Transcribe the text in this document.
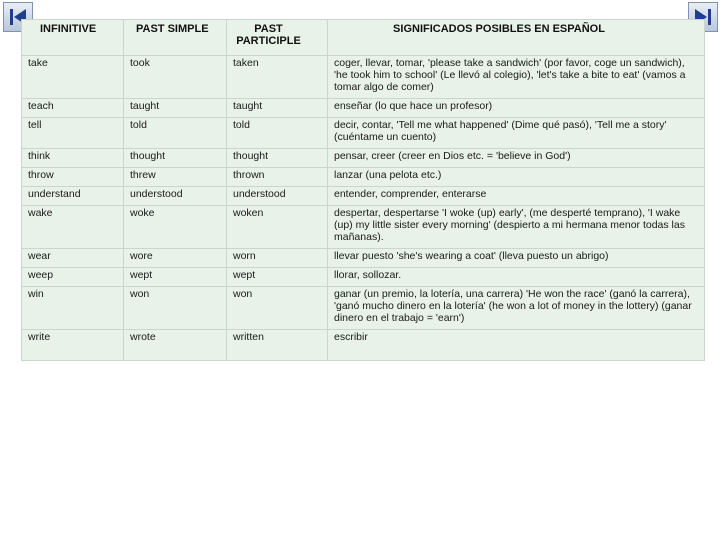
INFINITIVE	PAST SIMPLE	PAST PARTICIPLE	SIGNIFICADOS POSIBLES EN ESPAÑOL
take	took	taken	coger, llevar, tomar, 'please take a sandwich' (por favor, coge un sandwich), 'he took him to school' (Le llevó al colegio), 'let's take a bite to eat' (vamos a tomar algo de comer)
teach	taught	taught	enseñar (lo que hace un profesor)
tell	told	told	decir, contar, 'Tell me what happened' (Dime qué pasó), 'Tell me a story' (cuéntame un cuento)
think	thought	thought	pensar, creer (creer en Dios etc. = 'believe in God')
throw	threw	thrown	lanzar (una pelota etc.)
understand	understood	understood	entender, comprender, enterarse
wake	woke	woken	despertar, despertarse 'I woke (up) early', (me desperté temprano), 'I wake (up) my little sister every morning' (despierto a mi hermana menor todas las mañanas).
wear	wore	worn	llevar puesto 'she's wearing a coat' (lleva puesto un abrigo)
weep	wept	wept	llorar, sollozar.
win	won	won	ganar (un premio, la lotería, una carrera) 'He won the race' (ganó la carrera), 'ganó mucho dinero en la lotería' (he won a lot of money in the lottery) (ganar dinero en el trabajo = 'earn')
write	wrote	written	escribir
